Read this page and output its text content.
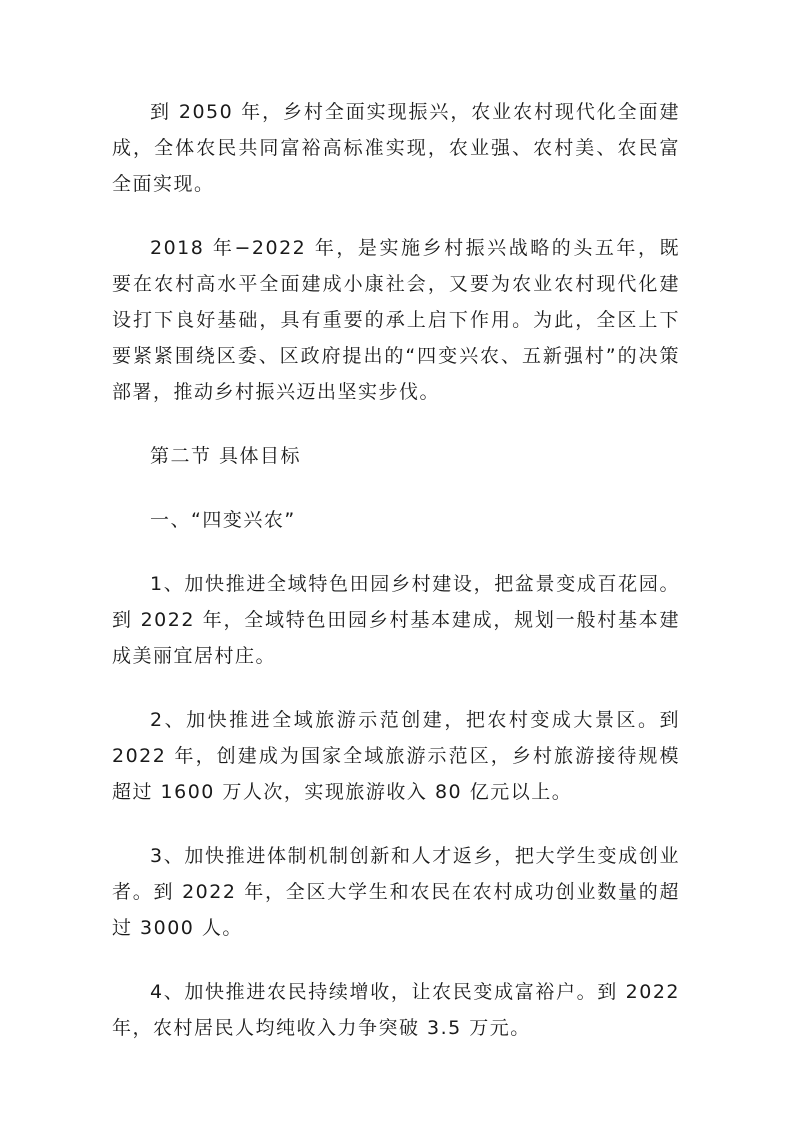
到 2050 年，乡村全面实现振兴，农业农村现代化全面建成，全体农民共同富裕高标准实现，农业强、农村美、农民富全面实现。

2018 年−2022 年，是实施乡村振兴战略的头五年，既要在农村高水平全面建成小康社会，又要为农业农村现代化建设打下良好基础，具有重要的承上启下作用。为此，全区上下要紧紧围绕区委、区政府提出的“四变兴农、五新强村”的决策部署，推动乡村振兴迈出坚实步伐。

第二节 具体目标

一、“四变兴农”

1、加快推进全域特色田园乡村建设，把盆景变成百花园。到 2022 年，全域特色田园乡村基本建成，规划一般村基本建成美丽宜居村庄。

2、加快推进全域旅游示范创建，把农村变成大景区。到 2022 年，创建成为国家全域旅游示范区，乡村旅游接待规模超过 1600 万人次，实现旅游收入 80 亿元以上。

3、加快推进体制机制创新和人才返乡，把大学生变成创业者。到 2022 年，全区大学生和农民在农村成功创业数量的超过 3000 人。

4、加快推进农民持续增收，让农民变成富裕户。到 2022 年，农村居民人均纯收入力争突破 3.5 万元。
